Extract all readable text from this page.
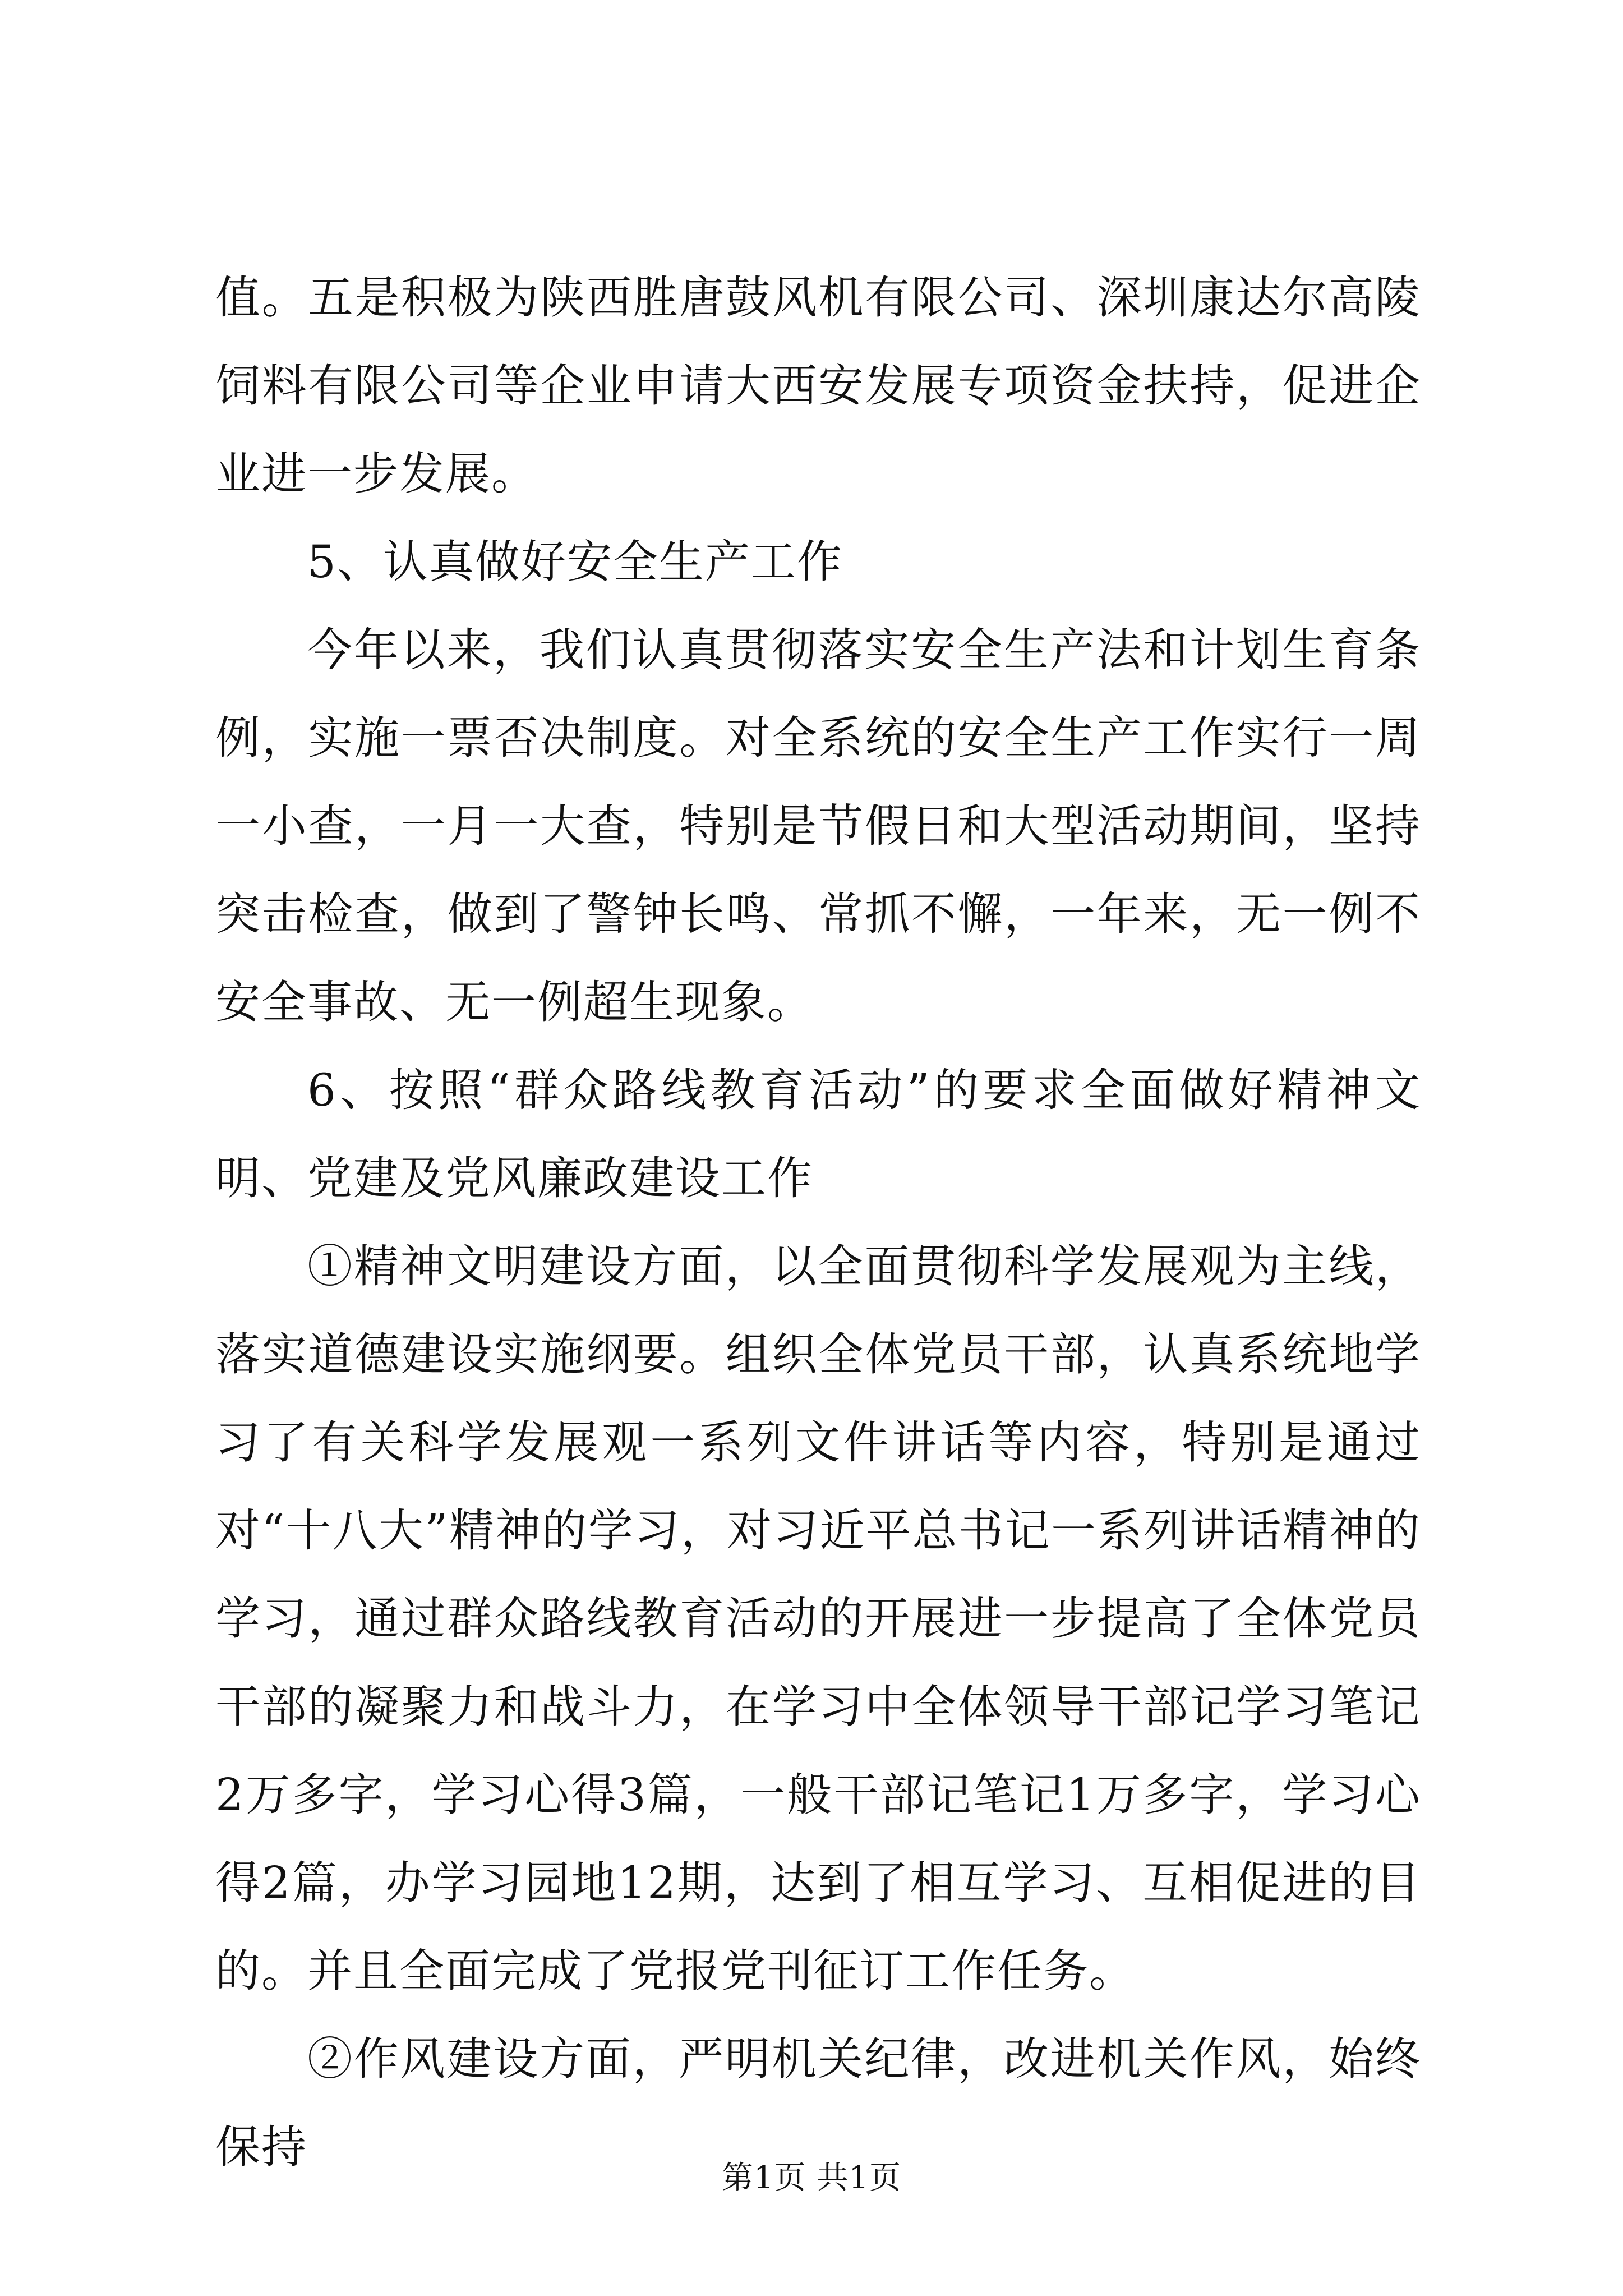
值。五是积极为陕西胜唐鼓风机有限公司、深圳康达尔高陵饲料有限公司等企业申请大西安发展专项资金扶持，促进企业进一步发展。

5、认真做好安全生产工作

今年以来，我们认真贯彻落实安全生产法和计划生育条例，实施一票否决制度。对全系统的安全生产工作实行一周一小查，一月一大查，特别是节假日和大型活动期间，坚持突击检查，做到了警钟长鸣、常抓不懈，一年来，无一例不安全事故、无一例超生现象。

6、按照“群众路线教育活动”的要求全面做好精神文明、党建及党风廉政建设工作

①精神文明建设方面，以全面贯彻科学发展观为主线，落实道德建设实施纲要。组织全体党员干部，认真系统地学习了有关科学发展观一系列文件讲话等内容，特别是通过对“十八大”精神的学习，对习近平总书记一系列讲话精神的学习，通过群众路线教育活动的开展进一步提高了全体党员干部的凝聚力和战斗力，在学习中全体领导干部记学习笔记2万多字，学习心得3篇，一般干部记笔记1万多字，学习心得2篇，办学习园地12期，达到了相互学习、互相促进的目的。并且全面完成了党报党刊征订工作任务。

②作风建设方面，严明机关纪律，改进机关作风，始终保持

第1页 共1页
